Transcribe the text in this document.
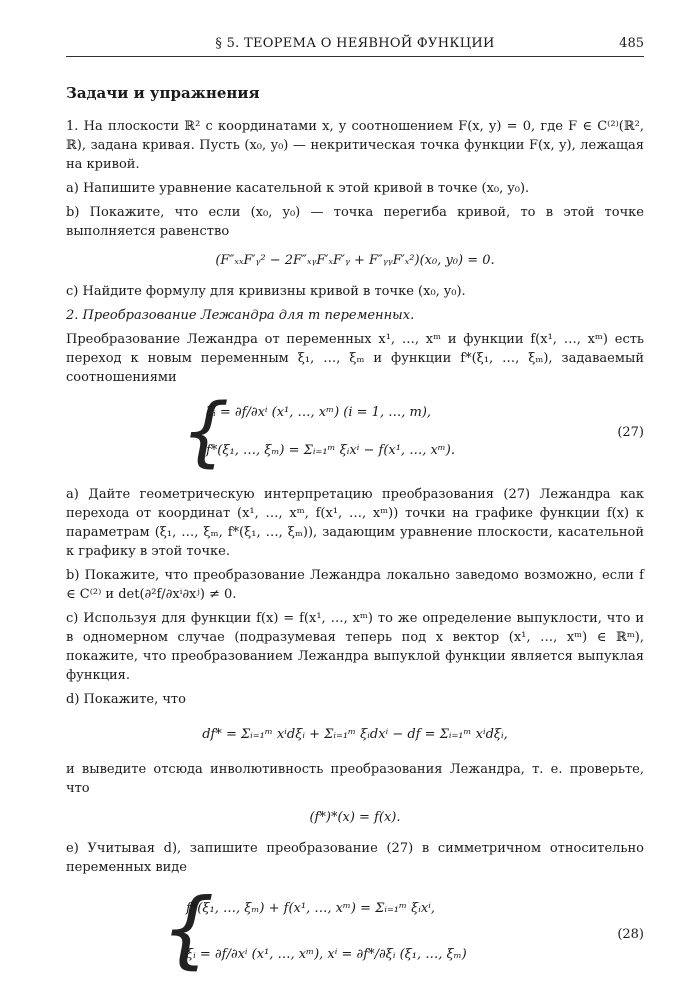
§ 5. ТЕОРЕМА О НЕЯВНОЙ ФУНКЦИИ	485
Задачи и упражнения

1. На плоскости ℝ² с координатами x, y соотношением F(x, y) = 0, где F ∈ C⁽²⁾(ℝ², ℝ), задана кривая. Пусть (x₀, y₀) — некритическая точка функции F(x, y), лежащая на кривой.

a) Напишите уравнение касательной к этой кривой в точке (x₀, y₀).

b) Покажите, что если (x₀, y₀) — точка перегиба кривой, то в этой точке выполняется равенство

(F″ₓₓF′ᵧ² − 2F″ₓᵧF′ₓF′ᵧ + F″ᵧᵧF′ₓ²)(x₀, y₀) = 0.

c) Найдите формулу для кривизны кривой в точке (x₀, y₀).

2. Преобразование Лежандра для m переменных.

Преобразование Лежандра от переменных x¹, …, xᵐ и функции f(x¹, …, xᵐ) есть переход к новым переменным ξ₁, …, ξₘ и функции f*(ξ₁, …, ξₘ), задаваемый соотношениями

{
ξᵢ = ∂f/∂xⁱ (x¹, …, xᵐ) (i = 1, …, m),
f*(ξ₁, …, ξₘ) = Σᵢ₌₁ᵐ ξᵢxⁱ − f(x¹, …, xᵐ).
(27)

a) Дайте геометрическую интерпретацию преобразования (27) Лежандра как перехода от координат (x¹, …, xᵐ, f(x¹, …, xᵐ)) точки на графике функции f(x) к параметрам (ξ₁, …, ξₘ, f*(ξ₁, …, ξₘ)), задающим уравнение плоскости, касательной к графику в этой точке.

b) Покажите, что преобразование Лежандра локально заведомо возможно, если f ∈ C⁽²⁾ и det(∂²f/∂xⁱ∂xʲ) ≠ 0.

c) Используя для функции f(x) = f(x¹, …, xᵐ) то же определение выпуклости, что и в одномерном случае (подразумевая теперь под x вектор (x¹, …, xᵐ) ∈ ℝᵐ), покажите, что преобразованием Лежандра выпуклой функции является выпуклая функция.

d) Покажите, что

df* = Σᵢ₌₁ᵐ xⁱdξᵢ + Σᵢ₌₁ᵐ ξᵢdxⁱ − df = Σᵢ₌₁ᵐ xⁱdξᵢ,

и выведите отсюда инволютивность преобразования Лежандра, т. е. проверьте, что

(f*)*(x) = f(x).

e) Учитывая d), запишите преобразование (27) в симметричном относительно переменных виде

{
f*(ξ₁, …, ξₘ) + f(x¹, …, xᵐ) = Σᵢ₌₁ᵐ ξᵢxⁱ,
ξᵢ = ∂f/∂xⁱ (x¹, …, xᵐ), xⁱ = ∂f*/∂ξᵢ (ξ₁, …, ξₘ)
(28)
